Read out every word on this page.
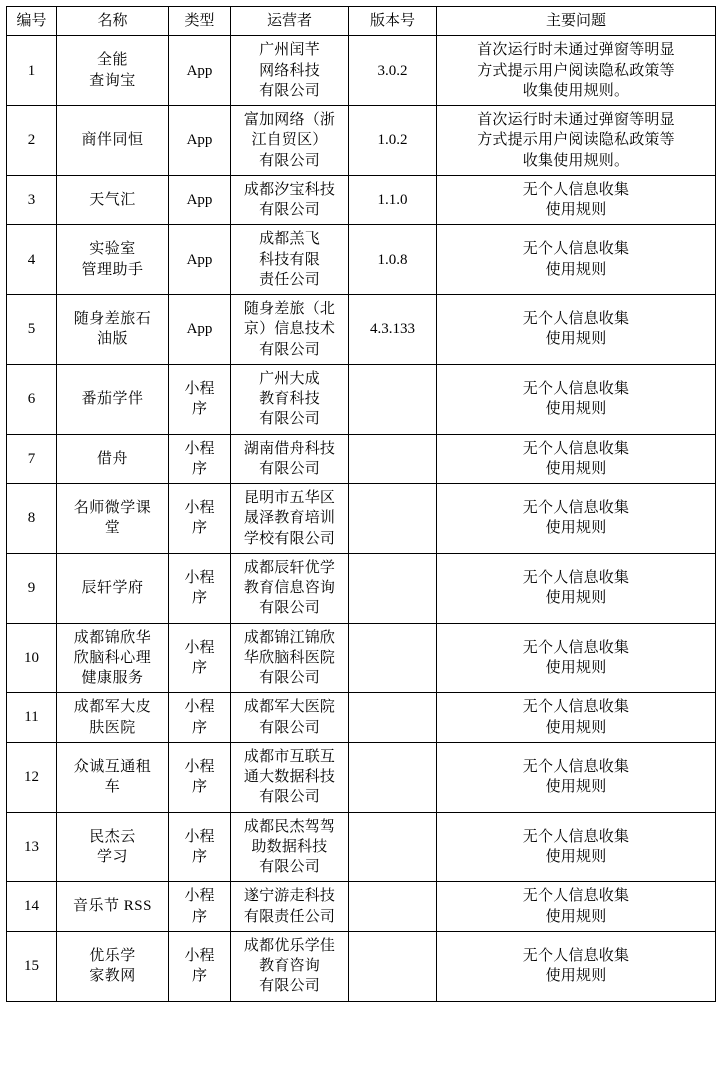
编号	名称	类型	运营者	版本号	主要问题

1	全能
查询宝	App	广州闰芊
网络科技
有限公司	3.0.2	首次运行时未通过弹窗等明显
方式提示用户阅读隐私政策等
收集使用规则。

2	商伴同恒	App	富加网络（浙
江自贸区）
有限公司	1.0.2	首次运行时未通过弹窗等明显
方式提示用户阅读隐私政策等
收集使用规则。

3	天气汇	App	成都汐宝科技
有限公司	1.1.0	无个人信息收集
使用规则

4	实验室
管理助手	App	成都羔飞
科技有限
责任公司	1.0.8	无个人信息收集
使用规则

5	随身差旅石
油版	App	随身差旅（北
京）信息技术
有限公司	4.3.133	无个人信息收集
使用规则

6	番茄学伴	小程
序	广州大成
教育科技
有限公司		无个人信息收集
使用规则

7	借舟	小程
序	湖南借舟科技
有限公司		无个人信息收集
使用规则

8	名师微学课
堂	小程
序	昆明市五华区
晟泽教育培训
学校有限公司		无个人信息收集
使用规则

9	辰轩学府	小程
序	成都辰轩优学
教育信息咨询
有限公司		无个人信息收集
使用规则

10	成都锦欣华
欣脑科心理
健康服务	小程
序	成都锦江锦欣
华欣脑科医院
有限公司		无个人信息收集
使用规则

11	成都军大皮
肤医院	小程
序	成都军大医院
有限公司		无个人信息收集
使用规则

12	众诚互通租
车	小程
序	成都市互联互
通大数据科技
有限公司		无个人信息收集
使用规则

13	民杰云
学习	小程
序	成都民杰驾驾
助数据科技
有限公司		无个人信息收集
使用规则

14	音乐节 RSS	小程
序	遂宁游走科技
有限责任公司		无个人信息收集
使用规则

15	优乐学
家教网	小程
序	成都优乐学佳
教育咨询
有限公司		无个人信息收集
使用规则
